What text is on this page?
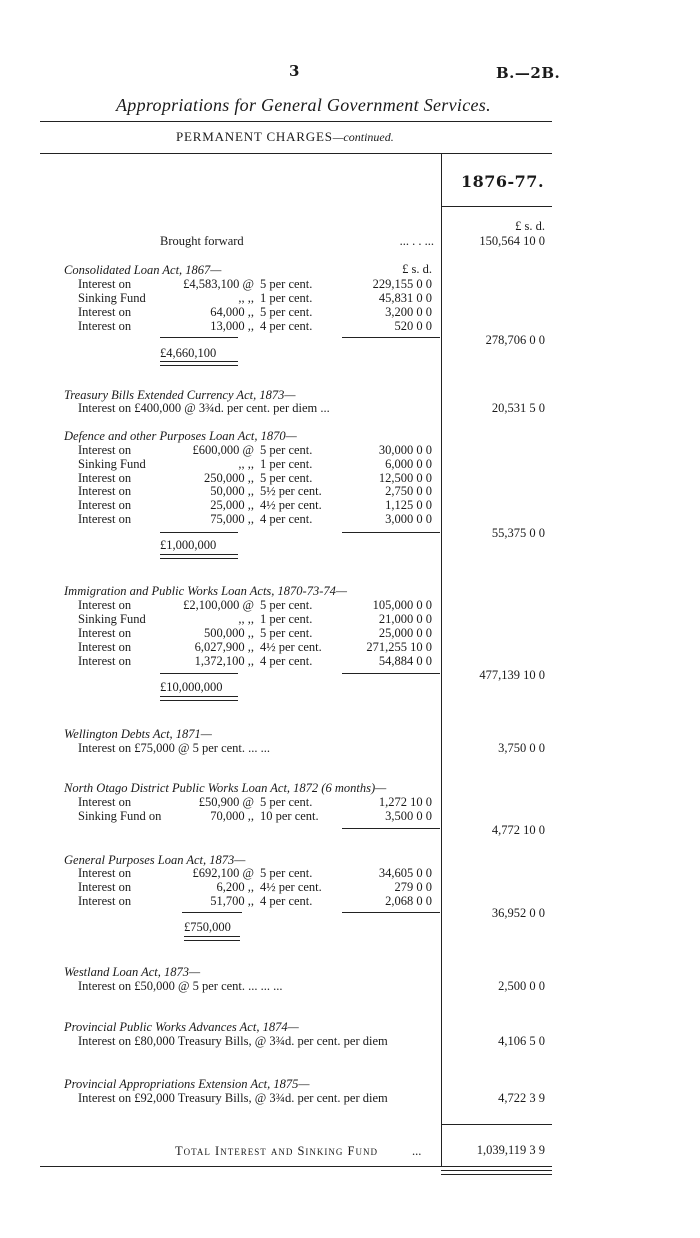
3	B.—2B.
Appropriations for General Government Services.
PERMANENT CHARGES—continued.
1876-77.
£ s. d.
Brought forward	... . . ...	150,564 10 0
Consolidated Loan Act, 1867—	£ s. d.
Interest on	£4,583,100 @ 5 per cent.	229,155 0 0
Sinking Fund	,, ,, 1 per cent.	45,831 0 0
Interest on	64,000 ,, 5 per cent.	3,200 0 0
Interest on	13,000 ,, 4 per cent.	520 0 0
£4,660,100
278,706 0 0
Treasury Bills Extended Currency Act, 1873—
Interest on £400,000 @ 3¾d. per cent. per diem ...	20,531 5 0
Defence and other Purposes Loan Act, 1870—
Interest on	£600,000 @ 5 per cent.	30,000 0 0
Sinking Fund	,, ,, 1 per cent.	6,000 0 0
Interest on	250,000 ,, 5 per cent.	12,500 0 0
Interest on	50,000 ,, 5½ per cent.	2,750 0 0
Interest on	25,000 ,, 4½ per cent.	1,125 0 0
Interest on	75,000 ,, 4 per cent.	3,000 0 0
£1,000,000
55,375 0 0
Immigration and Public Works Loan Acts, 1870-73-74—
Interest on	£2,100,000 @ 5 per cent.	105,000 0 0
Sinking Fund	,, ,, 1 per cent.	21,000 0 0
Interest on	500,000 ,, 5 per cent.	25,000 0 0
Interest on	6,027,900 ,, 4½ per cent.	271,255 10 0
Interest on	1,372,100 ,, 4 per cent.	54,884 0 0
£10,000,000
477,139 10 0
Wellington Debts Act, 1871—
Interest on £75,000 @ 5 per cent. ... ...	3,750 0 0
North Otago District Public Works Loan Act, 1872 (6 months)—
Interest on	£50,900 @ 5 per cent.	1,272 10 0
Sinking Fund on	70,000 ,, 10 per cent.	3,500 0 0
4,772 10 0
General Purposes Loan Act, 1873—
Interest on	£692,100 @ 5 per cent.	34,605 0 0
Interest on	6,200 ,, 4½ per cent.	279 0 0
Interest on	51,700 ,, 4 per cent.	2,068 0 0
£750,000
36,952 0 0
Westland Loan Act, 1873—
Interest on £50,000 @ 5 per cent. ... ... ...	2,500 0 0
Provincial Public Works Advances Act, 1874—
Interest on £80,000 Treasury Bills, @ 3¾d. per cent. per diem	4,106 5 0
Provincial Appropriations Extension Act, 1875—
Interest on £92,000 Treasury Bills, @ 3¾d. per cent. per diem	4,722 3 9
Total Interest and Sinking Fund	...	1,039,119 3 9
